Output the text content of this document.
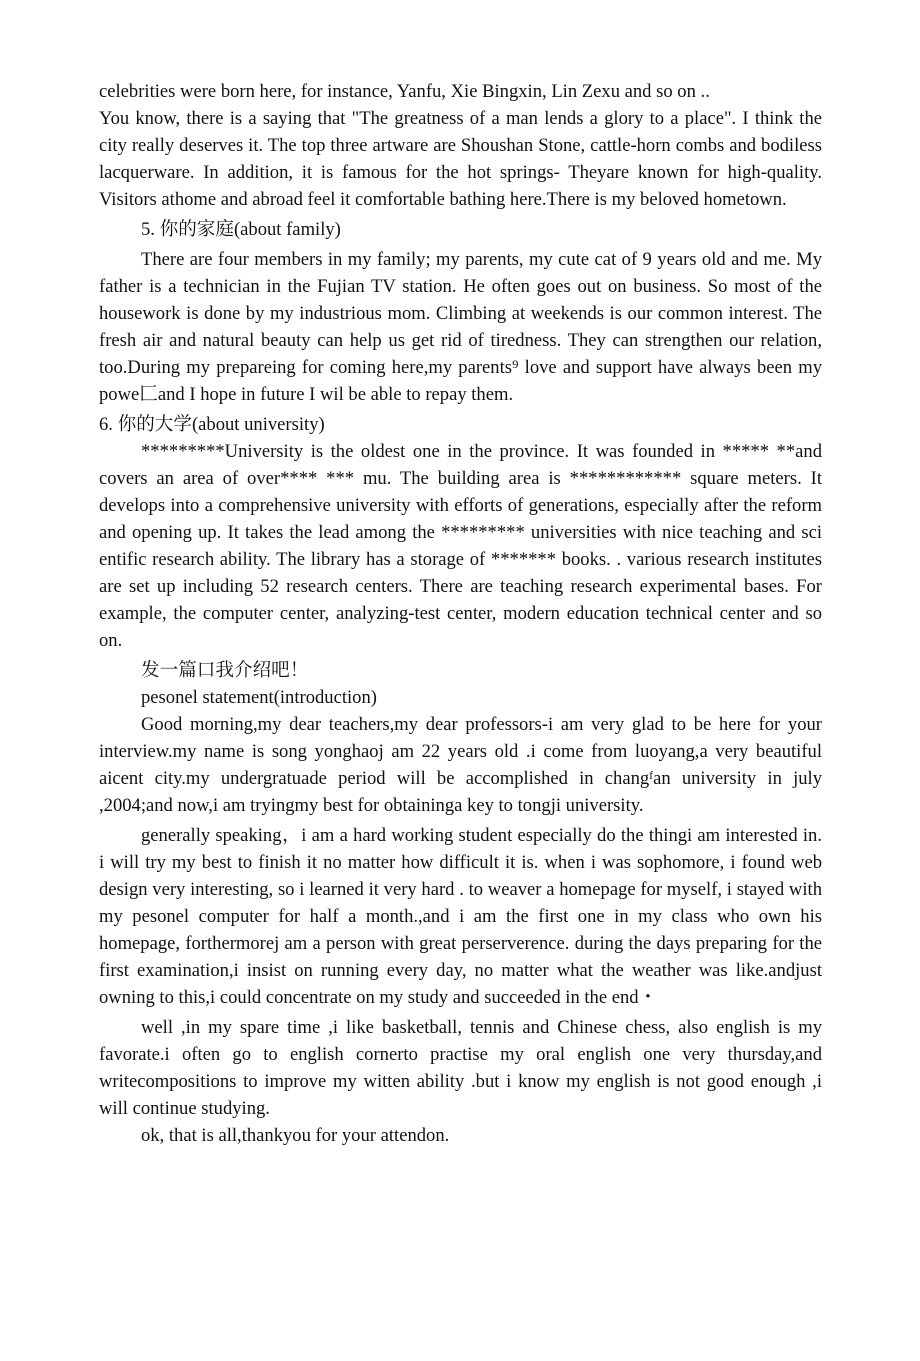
celebrities were born here, for instance, Yanfu, Xie Bingxin, Lin Zexu and so on ..

You know, there is a saying that "The greatness of a man lends a glory to a place". I think the city really deserves it. The top three artware are Shoushan Stone, cattle-horn combs and bodiless lacquerware. In addition, it is famous for the hot springs- Theyare known for high-quality. Visitors athome and abroad feel it comfortable bathing here.There is my beloved hometown.

5. 你的家庭(about family)

There are four members in my family; my parents, my cute cat of 9 years old and me. My father is a technician in the Fujian TV station. He often goes out on business. So most of the housework is done by my industrious mom. Climbing at weekends is our common interest. The fresh air and natural beauty can help us get rid of tiredness. They can strengthen our relation, too.During my prepareing for coming here,my parents⁹ love and support have always been my powe匚and I hope in future I wil be able to repay them.

6. 你的大学(about university)

*********University is the oldest one in the province. It was founded in ***** **and covers an area of over**** *** mu. The building area is ************ square meters. It develops into a comprehensive university with efforts of generations, especially after the reform and opening up. It takes the lead among the ********* universities with nice teaching and sci entific research ability. The library has a storage of ******* books. . various research institutes are set up including 52 research centers. There are teaching research experimental bases. For example, the computer center, analyzing-test center, modern education technical center and so on.

发一篇口我介绍吧！

pesonel statement(introduction)

Good morning,my dear teachers,my dear professors-i am very glad to be here for your interview.my name is song yonghaoj am 22 years old .i come from luoyang,a very beautiful aicent city.my undergratuade period will be accomplished in changᶠan university in july ,2004;and now,i am tryingmy best for obtaininga key to tongji university.

generally speaking，i am a hard working student especially do the thingi am interested in. i will try my best to finish it no matter how difficult it is. when i was sophomore, i found web design very interesting, so i learned it very hard . to weaver a homepage for myself, i stayed with my pesonel computer for half a month.,and i am the first one in my class who own his homepage, forthermorej am a person with great perserverence. during the days preparing for the first examination,i insist on running every day, no matter what the weather was like.andjust owning to this,i could concentrate on my study and succeeded in the end・

well ,in my spare time ,i like basketball, tennis and Chinese chess, also english is my favorate.i often go to english cornerto practise my oral english one very thursday,and writecompositions to improve my witten ability .but i know my english is not good enough ,i will continue studying.

ok, that is all,thankyou for your attendon.
